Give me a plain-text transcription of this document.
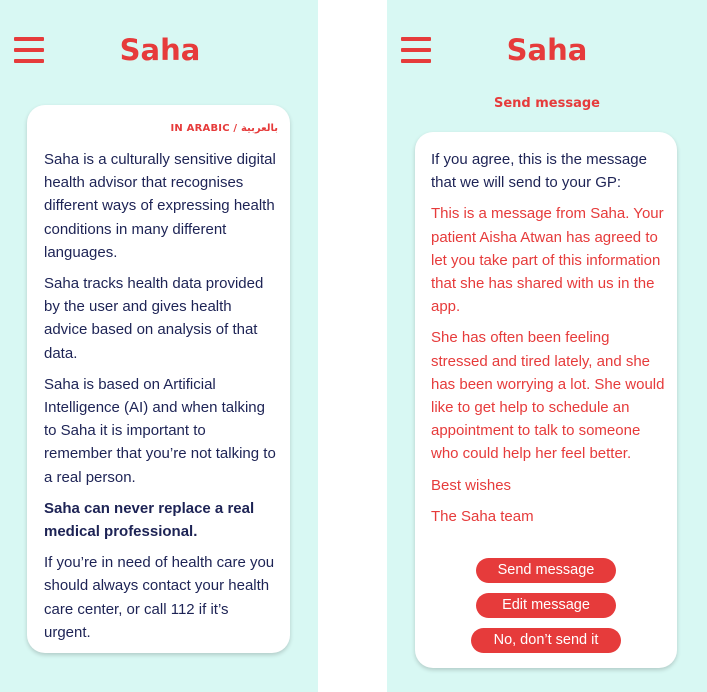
Saha
IN ARABIC / بالعربية

Saha is a culturally sensitive digital health advisor that recognises different ways of expressing health conditions in many different languages.

Saha tracks health data provided by the user and gives health advice based on analysis of that data.

Saha is based on Artificial Intelligence (AI) and when talking to Saha it is important to remember that you’re not talking to a real person.

Saha can never replace a real medical professional.

If you’re in need of health care you should always contact your health care center, or call 112 if it’s urgent.

Saha
Send message

If you agree, this is the message that we will send to your GP:

This is a message from Saha. Your patient Aisha Atwan has agreed to let you take part of this information that she has shared with us in the app.

She has often been feeling stressed and tired lately, and she has been worrying a lot. She would like to get help to schedule an appointment to talk to someone who could help her feel better.

Best wishes

The Saha team

Send message
Edit message
No, don’t send it
